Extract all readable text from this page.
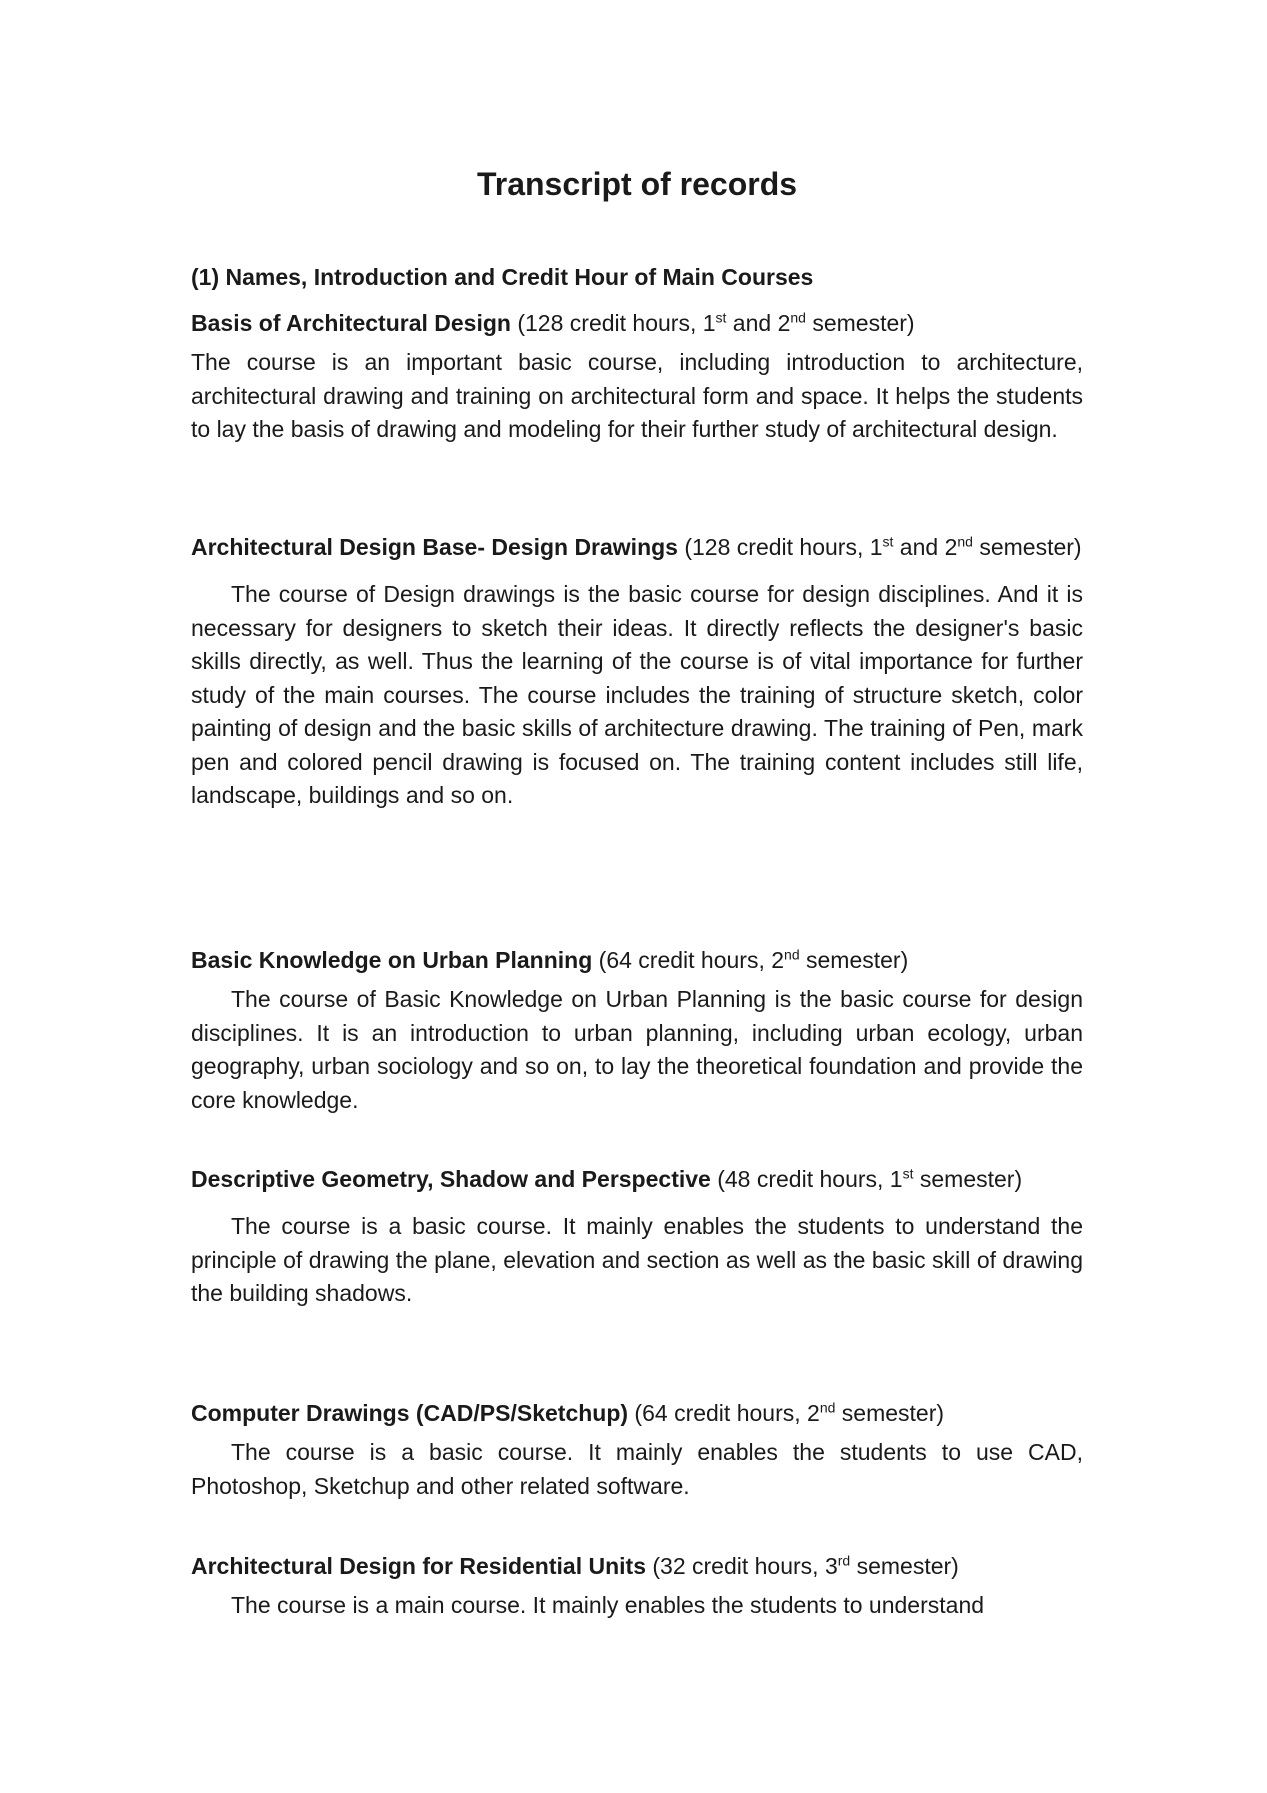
Transcript of records
(1) Names, Introduction and Credit Hour of Main Courses

Basis of Architectural Design (128 credit hours, 1st and 2nd semester)

The course is an important basic course, including introduction to architecture, architectural drawing and training on architectural form and space. It helps the students to lay the basis of drawing and modeling for their further study of architectural design.

Architectural Design Base- Design Drawings (128 credit hours, 1st and 2nd semester)

The course of Design drawings is the basic course for design disciplines. And it is necessary for designers to sketch their ideas. It directly reflects the designer's basic skills directly, as well. Thus the learning of the course is of vital importance for further study of the main courses. The course includes the training of structure sketch, color painting of design and the basic skills of architecture drawing. The training of Pen, mark pen and colored pencil drawing is focused on. The training content includes still life, landscape, buildings and so on.

Basic Knowledge on Urban Planning (64 credit hours, 2nd semester)

The course of Basic Knowledge on Urban Planning is the basic course for design disciplines. It is an introduction to urban planning, including urban ecology, urban geography, urban sociology and so on, to lay the theoretical foundation and provide the core knowledge.

Descriptive Geometry, Shadow and Perspective (48 credit hours, 1st semester)

The course is a basic course. It mainly enables the students to understand the principle of drawing the plane, elevation and section as well as the basic skill of drawing the building shadows.

Computer Drawings (CAD/PS/Sketchup) (64 credit hours, 2nd semester)

The course is a basic course. It mainly enables the students to use CAD, Photoshop, Sketchup and other related software.

Architectural Design for Residential Units (32 credit hours, 3rd semester)

The course is a main course. It mainly enables the students to understand
